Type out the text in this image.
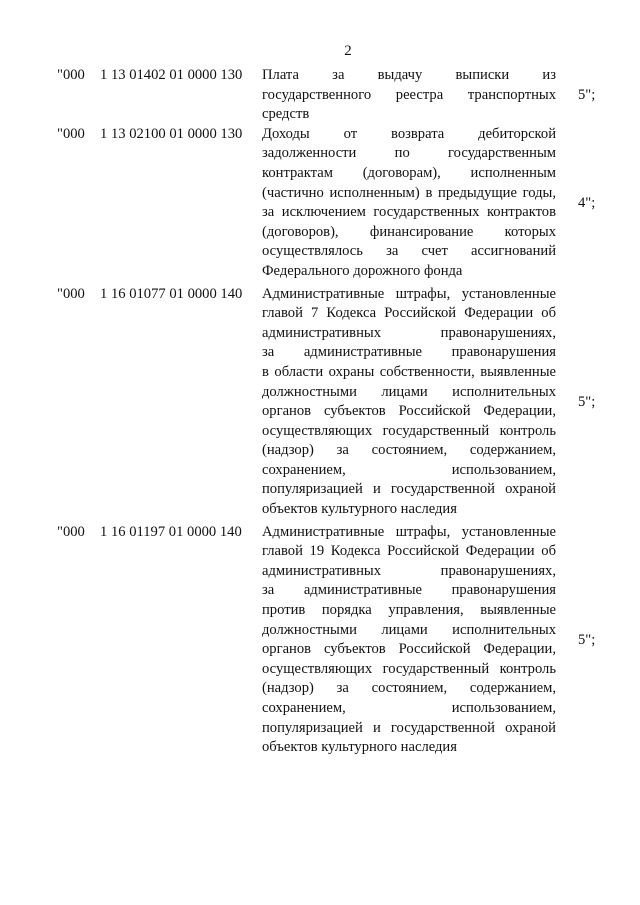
2
"000 1 13 01402 01 0000 130 Плата за выдачу выписки из
государственного реестра транспортных
средств
5";
"000 1 13 02100 01 0000 130 Доходы от возврата дебиторской
задолженности по государственным
контрактам (договорам), исполненным
(частично исполненным) в предыдущие годы,
за исключением государственных контрактов
(договоров), финансирование которых
осуществлялось за счет ассигнований
Федерального дорожного фонда
4";
"000 1 16 01077 01 0000 140 Административные штрафы, установленные
главой 7 Кодекса Российской Федерации об
административных правонарушениях,
за административные правонарушения
в области охраны собственности, выявленные
должностными лицами исполнительных
органов субъектов Российской Федерации,
осуществляющих государственный контроль
(надзор) за состоянием, содержанием,
сохранением, использованием,
популяризацией и государственной охраной
объектов культурного наследия
5";
"000 1 16 01197 01 0000 140 Административные штрафы, установленные
главой 19 Кодекса Российской Федерации об
административных правонарушениях,
за административные правонарушения
против порядка управления, выявленные
должностными лицами исполнительных
органов субъектов Российской Федерации,
осуществляющих государственный контроль
(надзор) за состоянием, содержанием,
сохранением, использованием,
популяризацией и государственной охраной
объектов культурного наследия
5";
